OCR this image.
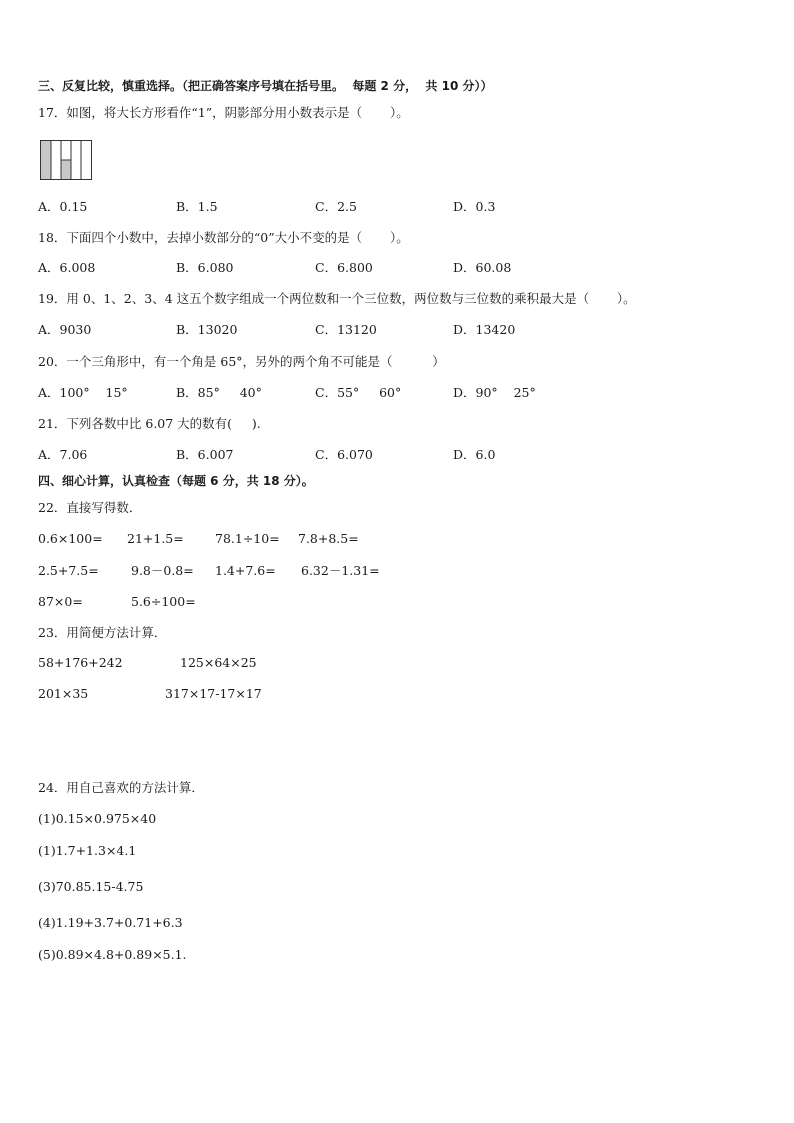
三、反复比较，慎重选择。（把正确答案序号填在括号里。  每题 2 分，  共 10 分））
17．如图，将大长方形看作“1”，阴影部分用小数表示是（       ）。
A．0.15	B．1.5	C．2.5	D．0.3
18．下面四个小数中，去掉小数部分的“0”大小不变的是（       ）。
A．6.008	B．6.080	C．6.800	D．60.08
19．用 0、1、2、3、4 这五个数字组成一个两位数和一个三位数，两位数与三位数的乘积最大是（       ）。
A．9030	B．13020	C．13120	D．13420
20．一个三角形中，有一个角是 65°，另外的两个角不可能是（          ）
A．100°    15°	B．85°     40°	C．55°     60°	D．90°    25°
21．下列各数中比 6.07 大的数有(     ).
A．7.06	B．6.007	C．6.070	D．6.0
四、细心计算，认真检查（每题 6 分，共 18 分）。
22．直接写得数．
0.6×100= 21+1.5=	78.1÷10= 7.8+8.5=
2.5+7.5=	9.8－0.8= 1.4+7.6= 6.32－1.31=
87×0=	5.6÷100=
23．用简便方法计算．
58+176+242	125×64×25
201×35	317×17-17×17
24．用自己喜欢的方法计算．
(1)0.15×0.975×40
(1)1.7+1.3×4.1
(3)70.85.15-4.75
(4)1.19+3.7+0.71+6.3
(5)0.89×4.8+0.89×5.1.
